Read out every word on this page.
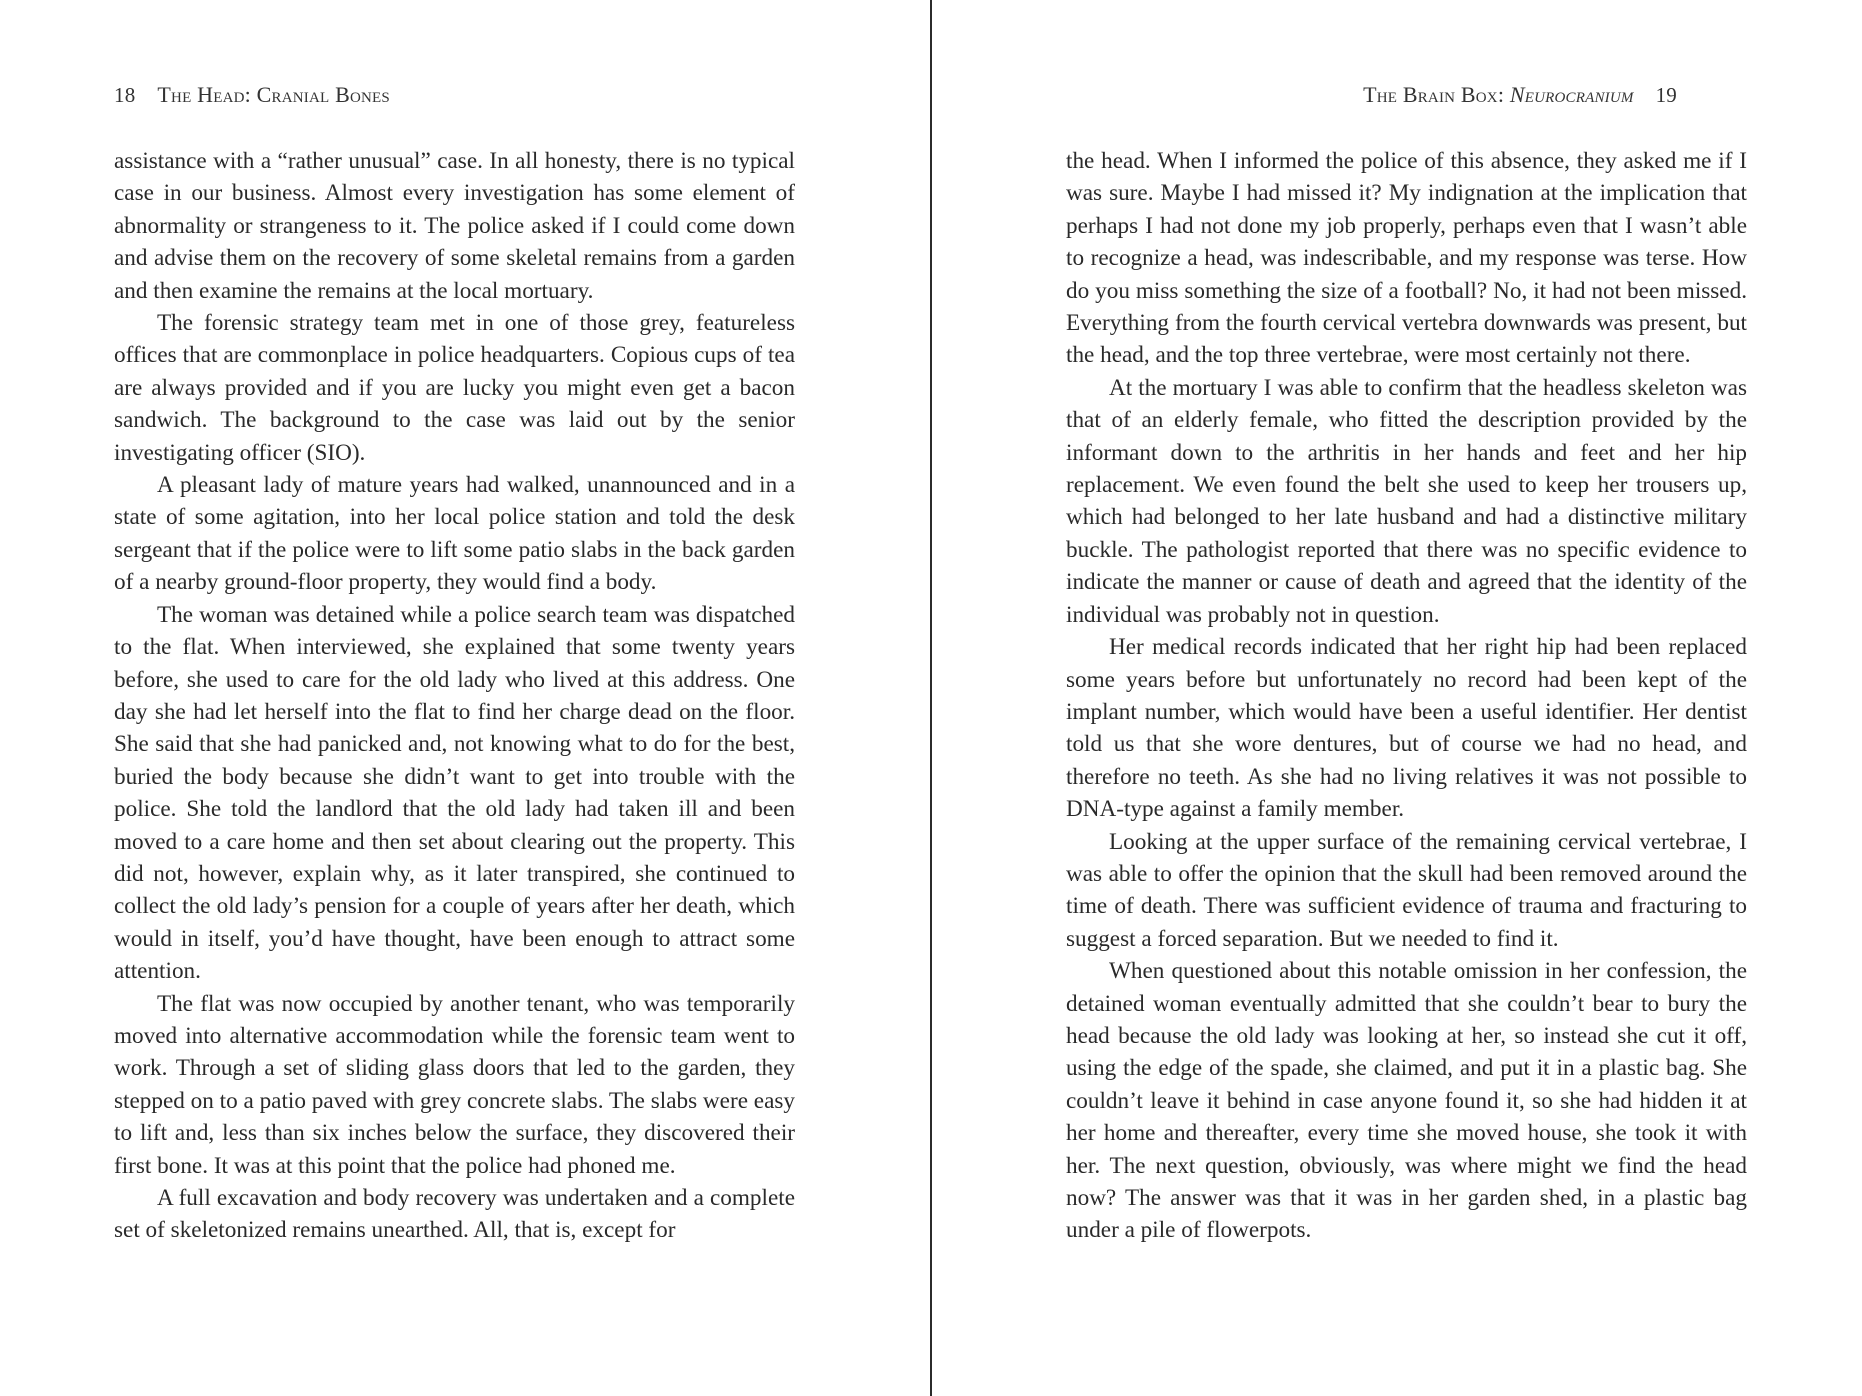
18 The Head: Cranial Bones

assistance with a “rather unusual” case. In all honesty, there is no typical case in our business. Almost every investigation has some element of abnormality or strangeness to it. The police asked if I could come down and advise them on the recovery of some skeletal remains from a garden and then examine the remains at the local mortuary.

The forensic strategy team met in one of those grey, featureless offices that are commonplace in police headquarters. Copious cups of tea are always provided and if you are lucky you might even get a bacon sandwich. The background to the case was laid out by the senior investigating officer (SIO).

A pleasant lady of mature years had walked, unannounced and in a state of some agitation, into her local police station and told the desk sergeant that if the police were to lift some patio slabs in the back garden of a nearby ground-floor property, they would find a body.

The woman was detained while a police search team was dispatched to the flat. When interviewed, she explained that some twenty years before, she used to care for the old lady who lived at this address. One day she had let herself into the flat to find her charge dead on the floor. She said that she had panicked and, not knowing what to do for the best, buried the body because she didn’t want to get into trouble with the police. She told the landlord that the old lady had taken ill and been moved to a care home and then set about clearing out the property. This did not, however, explain why, as it later transpired, she continued to collect the old lady’s pension for a couple of years after her death, which would in itself, you’d have thought, have been enough to attract some attention.

The flat was now occupied by another tenant, who was temporarily moved into alternative accommodation while the forensic team went to work. Through a set of sliding glass doors that led to the garden, they stepped on to a patio paved with grey concrete slabs. The slabs were easy to lift and, less than six inches below the surface, they discovered their first bone. It was at this point that the police had phoned me.

A full excavation and body recovery was undertaken and a complete set of skeletonized remains unearthed. All, that is, except for

The Brain Box: Neurocranium 19

the head. When I informed the police of this absence, they asked me if I was sure. Maybe I had missed it? My indignation at the implication that perhaps I had not done my job properly, perhaps even that I wasn’t able to recognize a head, was indescribable, and my response was terse. How do you miss something the size of a football? No, it had not been missed. Everything from the fourth cervical vertebra downwards was present, but the head, and the top three vertebrae, were most certainly not there.

At the mortuary I was able to confirm that the headless skeleton was that of an elderly female, who fitted the description provided by the informant down to the arthritis in her hands and feet and her hip replacement. We even found the belt she used to keep her trousers up, which had belonged to her late husband and had a distinctive military buckle. The pathologist reported that there was no specific evidence to indicate the manner or cause of death and agreed that the identity of the individual was probably not in question.

Her medical records indicated that her right hip had been replaced some years before but unfortunately no record had been kept of the implant number, which would have been a useful identifier. Her dentist told us that she wore dentures, but of course we had no head, and therefore no teeth. As she had no living relatives it was not possible to DNA-type against a family member.

Looking at the upper surface of the remaining cervical vertebrae, I was able to offer the opinion that the skull had been removed around the time of death. There was sufficient evidence of trauma and fracturing to suggest a forced separation. But we needed to find it.

When questioned about this notable omission in her confession, the detained woman eventually admitted that she couldn’t bear to bury the head because the old lady was looking at her, so instead she cut it off, using the edge of the spade, she claimed, and put it in a plastic bag. She couldn’t leave it behind in case anyone found it, so she had hidden it at her home and thereafter, every time she moved house, she took it with her. The next question, obviously, was where might we find the head now? The answer was that it was in her garden shed, in a plastic bag under a pile of flowerpots.
